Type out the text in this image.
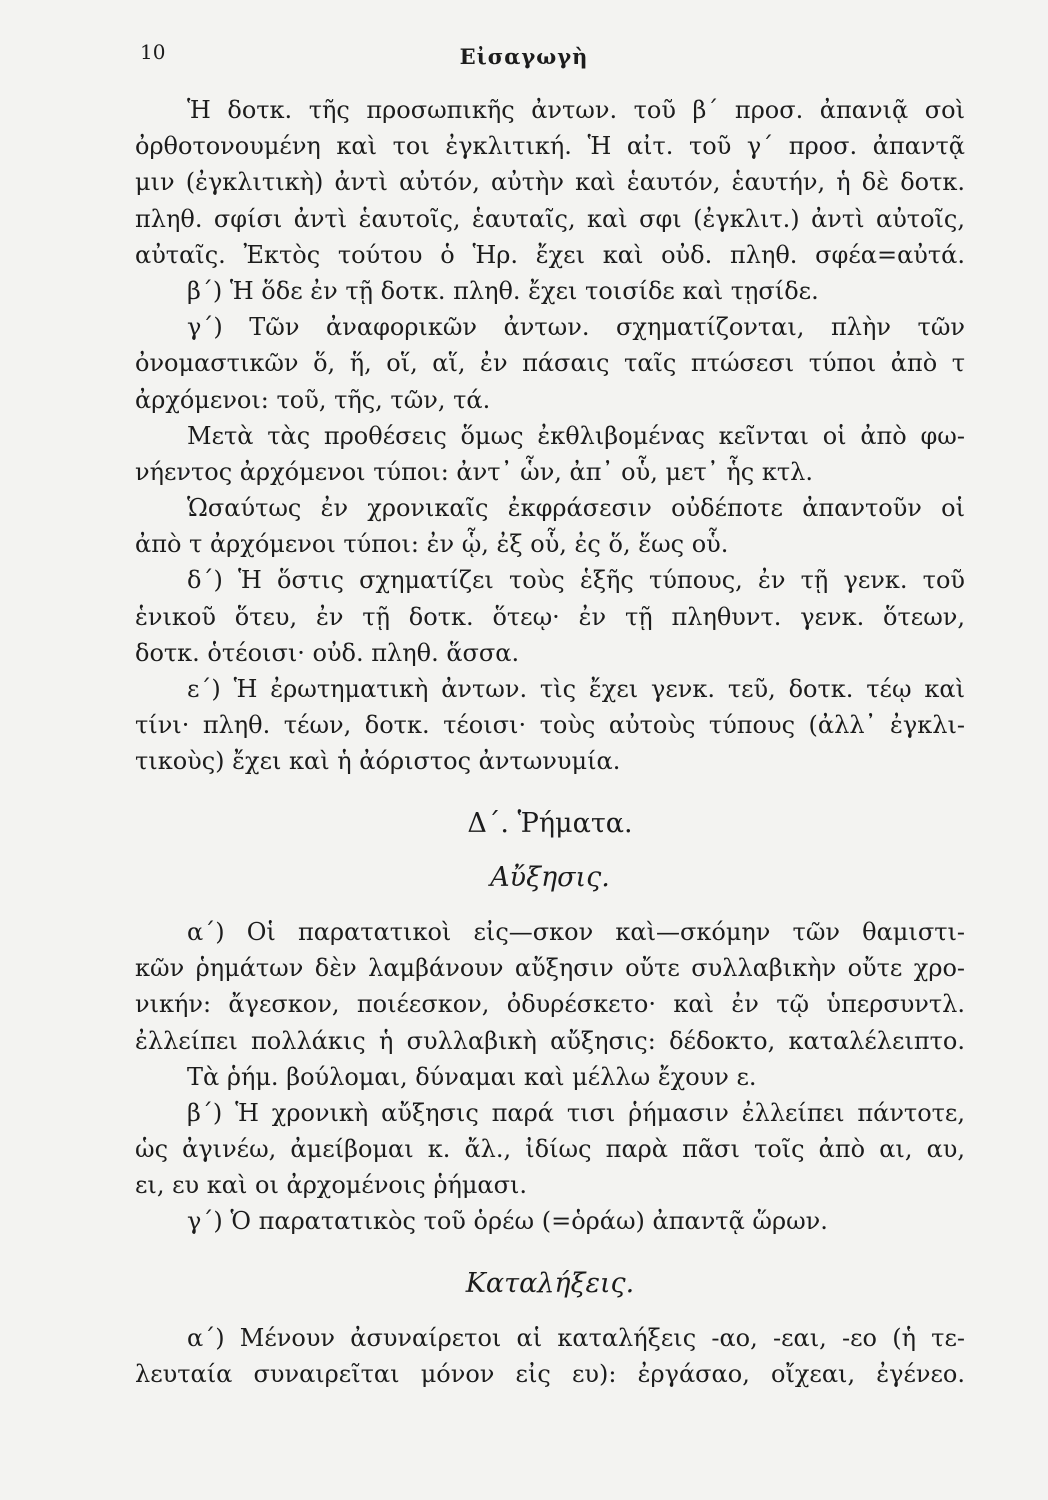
10	Εἰσαγωγὴ
Ἡ δοτκ. τῆς προσωπικῆς ἀντων. τοῦ β΄ προσ. ἀπανιᾷ σοὶ
ὀρθοτονουμένη καὶ τοι ἐγκλιτική. Ἡ αἰτ. τοῦ γ΄ προσ. ἀπαντᾷ
μιν (ἐγκλιτικὴ) ἀντὶ αὐτόν, αὐτὴν καὶ ἑαυτόν, ἑαυτήν, ἡ δὲ δοτκ.
πληθ. σφίσι ἀντὶ ἑαυτοῖς, ἑαυταῖς, καὶ σφι (ἐγκλιτ.) ἀντὶ αὐτοῖς,
αὐταῖς. Ἐκτὸς τούτου ὁ Ἡρ. ἔχει καὶ οὐδ. πληθ. σφέα=αὐτά.
β΄) Ἡ ὅδε ἐν τῇ δοτκ. πληθ. ἔχει τοισίδε καὶ τῃσίδε.
γ΄) Τῶν ἀναφορικῶν ἀντων. σχηματίζονται, πλὴν τῶν
ὀνομαστικῶν ὅ, ἥ, οἵ, αἵ, ἐν πάσαις ταῖς πτώσεσι τύποι ἀπὸ τ
ἀρχόμενοι: τοῦ, τῆς, τῶν, τά.
Μετὰ τὰς προθέσεις ὅμως ἐκθλιβομένας κεῖνται οἱ ἀπὸ φω-
νήεντος ἀρχόμενοι τύποι: ἀντ᾽ ὧν, ἀπ᾽ οὗ, μετ᾽ ἧς κτλ.
Ὡσαύτως ἐν χρονικαῖς ἐκφράσεσιν οὐδέποτε ἀπαντοῦν οἱ
ἀπὸ τ ἀρχόμενοι τύποι: ἐν ᾧ, ἐξ οὗ, ἐς ὅ, ἕως οὗ.
δ΄) Ἡ ὅστις σχηματίζει τοὺς ἑξῆς τύπους, ἐν τῇ γενκ. τοῦ
ἑνικοῦ ὅτευ, ἐν τῇ δοτκ. ὅτεῳ· ἐν τῇ πληθυντ. γενκ. ὅτεων,
δοτκ. ὁτέοισι· οὐδ. πληθ. ἅσσα.
ε΄) Ἡ ἐρωτηματικὴ ἀντων. τὶς ἔχει γενκ. τεῦ, δοτκ. τέῳ καὶ
τίνι· πληθ. τέων, δοτκ. τέοισι· τοὺς αὐτοὺς τύπους (ἀλλ᾽ ἐγκλι-
τικοὺς) ἔχει καὶ ἡ ἀόριστος ἀντωνυμία.
Δ΄. Ῥήματα.
Αὔξησις.
α΄) Οἱ παρατατικοὶ εἰς—σκον καὶ—σκόμην τῶν θαμιστι-
κῶν ῥημάτων δὲν λαμβάνουν αὔξησιν οὔτε συλλαβικὴν οὔτε χρο-
νικήν: ἄγεσκον, ποιέεσκον, ὀδυρέσκετο· καὶ ἐν τῷ ὑπερσυντλ.
ἐλλείπει πολλάκις ἡ συλλαβικὴ αὔξησις: δέδοκτο, καταλέλειπτο.
Τὰ ῥήμ. βούλομαι, δύναμαι καὶ μέλλω ἔχουν ε.
β΄) Ἡ χρονικὴ αὔξησις παρά τισι ῥήμασιν ἐλλείπει πάντοτε,
ὡς ἀγινέω, ἀμείβομαι κ. ἄλ., ἰδίως παρὰ πᾶσι τοῖς ἀπὸ αι, αυ,
ει, ευ καὶ οι ἀρχομένοις ῥήμασι.
γ΄) Ὁ παρατατικὸς τοῦ ὁρέω (=ὁράω) ἀπαντᾷ ὥρων.
Καταλήξεις.
α΄) Μένουν ἀσυναίρετοι αἱ καταλήξεις -αο, -εαι, -εο (ἡ τε-
λευταία συναιρεῖται μόνον εἰς ευ): ἐργάσαο, οἴχεαι, ἐγένεο.
